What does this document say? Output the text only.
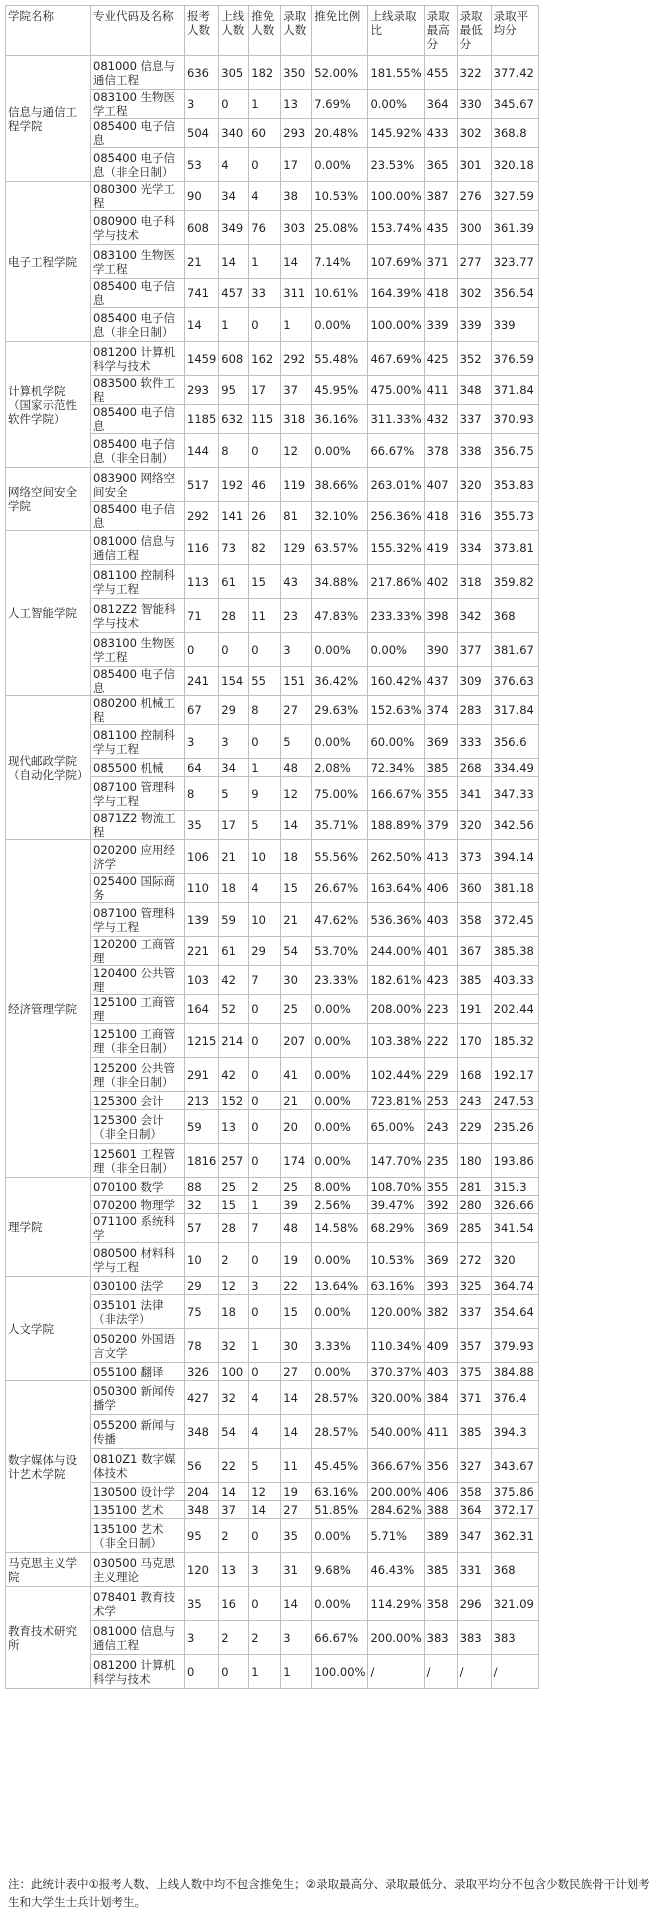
学院名称	专业代码及名称	报考人数	上线人数	推免人数	录取人数	推免比例	上线录取比	录取最高分	录取最低分	录取平均分
信息与通信工程学院	081000 信息与通信工程	636	305	182	350	52.00%	181.55%	455	322	377.42
	083100 生物医学工程	3	0	1	13	7.69%	0.00%	364	330	345.67
	085400 电子信息	504	340	60	293	20.48%	145.92%	433	302	368.8
	085400 电子信息（非全日制）	53	4	0	17	0.00%	23.53%	365	301	320.18
电子工程学院	080300 光学工程	90	34	4	38	10.53%	100.00%	387	276	327.59
	080900 电子科学与技术	608	349	76	303	25.08%	153.74%	435	300	361.39
	083100 生物医学工程	21	14	1	14	7.14%	107.69%	371	277	323.77
	085400 电子信息	741	457	33	311	10.61%	164.39%	418	302	356.54
	085400 电子信息（非全日制）	14	1	0	1	0.00%	100.00%	339	339	339
计算机学院（国家示范性软件学院）	081200 计算机科学与技术	1459	608	162	292	55.48%	467.69%	425	352	376.59
	083500 软件工程	293	95	17	37	45.95%	475.00%	411	348	371.84
	085400 电子信息	1185	632	115	318	36.16%	311.33%	432	337	370.93
	085400 电子信息（非全日制）	144	8	0	12	0.00%	66.67%	378	338	356.75
网络空间安全学院	083900 网络空间安全	517	192	46	119	38.66%	263.01%	407	320	353.83
	085400 电子信息	292	141	26	81	32.10%	256.36%	418	316	355.73
人工智能学院	081000 信息与通信工程	116	73	82	129	63.57%	155.32%	419	334	373.81
	081100 控制科学与工程	113	61	15	43	34.88%	217.86%	402	318	359.82
	0812Z2 智能科学与技术	71	28	11	23	47.83%	233.33%	398	342	368
	083100 生物医学工程	0	0	0	3	0.00%	0.00%	390	377	381.67
	085400 电子信息	241	154	55	151	36.42%	160.42%	437	309	376.63
现代邮政学院（自动化学院）	080200 机械工程	67	29	8	27	29.63%	152.63%	374	283	317.84
	081100 控制科学与工程	3	3	0	5	0.00%	60.00%	369	333	356.6
	085500 机械	64	34	1	48	2.08%	72.34%	385	268	334.49
	087100 管理科学与工程	8	5	9	12	75.00%	166.67%	355	341	347.33
	0871Z2 物流工程	35	17	5	14	35.71%	188.89%	379	320	342.56
经济管理学院	020200 应用经济学	106	21	10	18	55.56%	262.50%	413	373	394.14
	025400 国际商务	110	18	4	15	26.67%	163.64%	406	360	381.18
	087100 管理科学与工程	139	59	10	21	47.62%	536.36%	403	358	372.45
	120200 工商管理	221	61	29	54	53.70%	244.00%	401	367	385.38
	120400 公共管理	103	42	7	30	23.33%	182.61%	423	385	403.33
	125100 工商管理	164	52	0	25	0.00%	208.00%	223	191	202.44
	125100 工商管理（非全日制）	1215	214	0	207	0.00%	103.38%	222	170	185.32
	125200 公共管理（非全日制）	291	42	0	41	0.00%	102.44%	229	168	192.17
	125300 会计	213	152	0	21	0.00%	723.81%	253	243	247.53
	125300 会计（非全日制）	59	13	0	20	0.00%	65.00%	243	229	235.26
	125601 工程管理（非全日制）	1816	257	0	174	0.00%	147.70%	235	180	193.86
理学院	070100 数学	88	25	2	25	8.00%	108.70%	355	281	315.3
	070200 物理学	32	15	1	39	2.56%	39.47%	392	280	326.66
	071100 系统科学	57	28	7	48	14.58%	68.29%	369	285	341.54
	080500 材料科学与工程	10	2	0	19	0.00%	10.53%	369	272	320
人文学院	030100 法学	29	12	3	22	13.64%	63.16%	393	325	364.74
	035101 法律（非法学）	75	18	0	15	0.00%	120.00%	382	337	354.64
	050200 外国语言文学	78	32	1	30	3.33%	110.34%	409	357	379.93
	055100 翻译	326	100	0	27	0.00%	370.37%	403	375	384.88
数字媒体与设计艺术学院	050300 新闻传播学	427	32	4	14	28.57%	320.00%	384	371	376.4
	055200 新闻与传播	348	54	4	14	28.57%	540.00%	411	385	394.3
	0810Z1 数字媒体技术	56	22	5	11	45.45%	366.67%	356	327	343.67
	130500 设计学	204	14	12	19	63.16%	200.00%	406	358	375.86
	135100 艺术	348	37	14	27	51.85%	284.62%	388	364	372.17
	135100 艺术（非全日制）	95	2	0	35	0.00%	5.71%	389	347	362.31
马克思主义学院	030500 马克思主义理论	120	13	3	31	9.68%	46.43%	385	331	368
教育技术研究所	078401 教育技术学	35	16	0	14	0.00%	114.29%	358	296	321.09
	081000 信息与通信工程	3	2	2	3	66.67%	200.00%	383	383	383
	081200 计算机科学与技术	0	0	1	1	100.00%	/	/	/	/
注：此统计表中①报考人数、上线人数中均不包含推免生；②录取最高分、录取最低分、录取平均分不包含少数民族骨干计划考生和大学生士兵计划考生。
